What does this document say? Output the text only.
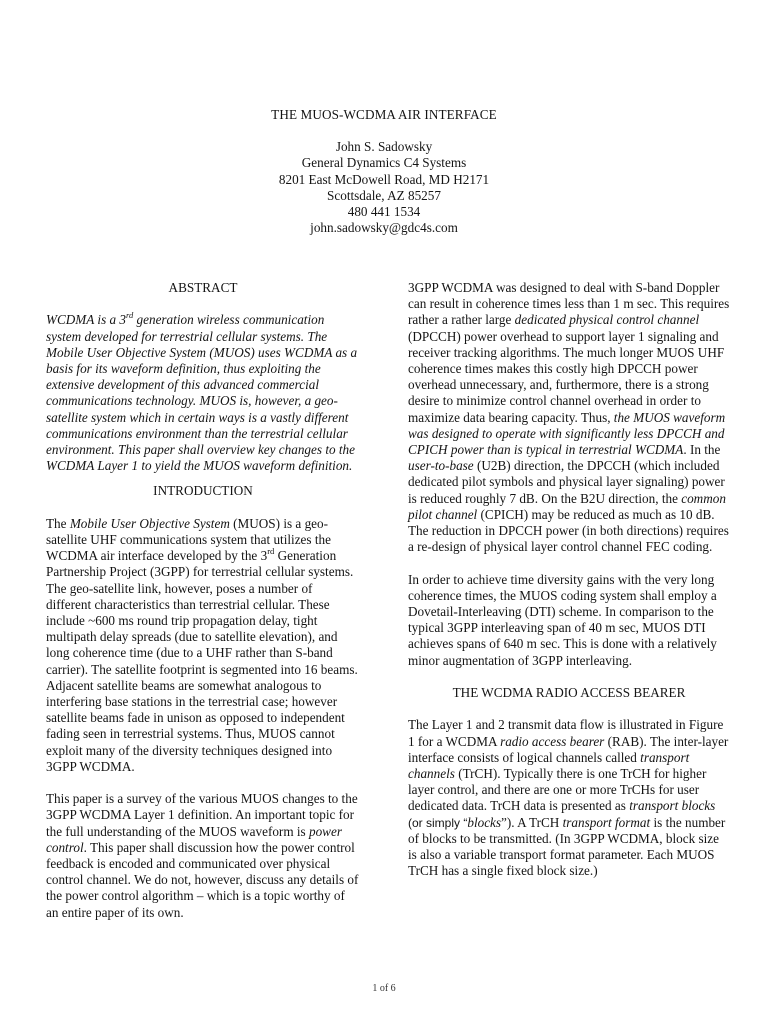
THE MUOS-WCDMA AIR INTERFACE
John S. Sadowsky
General Dynamics C4 Systems
8201 East McDowell Road, MD H2171
Scottsdale, AZ 85257
480 441 1534
john.sadowsky@gdc4s.com

ABSTRACT

WCDMA is a 3rd generation wireless communication system developed for terrestrial cellular systems. The Mobile User Objective System (MUOS) uses WCDMA as a basis for its waveform definition, thus exploiting the extensive development of this advanced commercial communications technology. MUOS is, however, a geo-satellite system which in certain ways is a vastly different communications environment than the terrestrial cellular environment. This paper shall overview key changes to the WCDMA Layer 1 to yield the MUOS waveform definition.

INTRODUCTION

The Mobile User Objective System (MUOS) is a geo-satellite UHF communications system that utilizes the WCDMA air interface developed by the 3rd Generation Partnership Project (3GPP) for terrestrial cellular systems. The geo-satellite link, however, poses a number of different characteristics than terrestrial cellular. These include ~600 ms round trip propagation delay, tight multipath delay spreads (due to satellite elevation), and long coherence time (due to a UHF rather than S-band carrier). The satellite footprint is segmented into 16 beams. Adjacent satellite beams are somewhat analogous to interfering base stations in the terrestrial case; however satellite beams fade in unison as opposed to independent fading seen in terrestrial systems. Thus, MUOS cannot exploit many of the diversity techniques designed into 3GPP WCDMA.

This paper is a survey of the various MUOS changes to the 3GPP WCDMA Layer 1 definition. An important topic for the full understanding of the MUOS waveform is power control. This paper shall discussion how the power control feedback is encoded and communicated over physical control channel. We do not, however, discuss any details of the power control algorithm – which is a topic worthy of an entire paper of its own.

3GPP WCDMA was designed to deal with S-band Doppler can result in coherence times less than 1 m sec. This requires rather a rather large dedicated physical control channel (DPCCH) power overhead to support layer 1 signaling and receiver tracking algorithms. The much longer MUOS UHF coherence times makes this costly high DPCCH power overhead unnecessary, and, furthermore, there is a strong desire to minimize control channel overhead in order to maximize data bearing capacity. Thus, the MUOS waveform was designed to operate with significantly less DPCCH and CPICH power than is typical in terrestrial WCDMA. In the user-to-base (U2B) direction, the DPCCH (which included dedicated pilot symbols and physical layer signaling) power is reduced roughly 7 dB. On the B2U direction, the common pilot channel (CPICH) may be reduced as much as 10 dB. The reduction in DPCCH power (in both directions) requires a re-design of physical layer control channel FEC coding.

In order to achieve time diversity gains with the very long coherence times, the MUOS coding system shall employ a Dovetail-Interleaving (DTI) scheme. In comparison to the typical 3GPP interleaving span of 40 m sec, MUOS DTI achieves spans of 640 m sec. This is done with a relatively minor augmentation of 3GPP interleaving.

THE WCDMA RADIO ACCESS BEARER

The Layer 1 and 2 transmit data flow is illustrated in Figure 1 for a WCDMA radio access bearer (RAB). The inter-layer interface consists of logical channels called transport channels (TrCH). Typically there is one TrCH for higher layer control, and there are one or more TrCHs for user dedicated data. TrCH data is presented as transport blocks (or simply “blocks”). A TrCH transport format is the number of blocks to be transmitted. (In 3GPP WCDMA, block size is also a variable transport format parameter. Each MUOS TrCH has a single fixed block size.)

1 of 6
